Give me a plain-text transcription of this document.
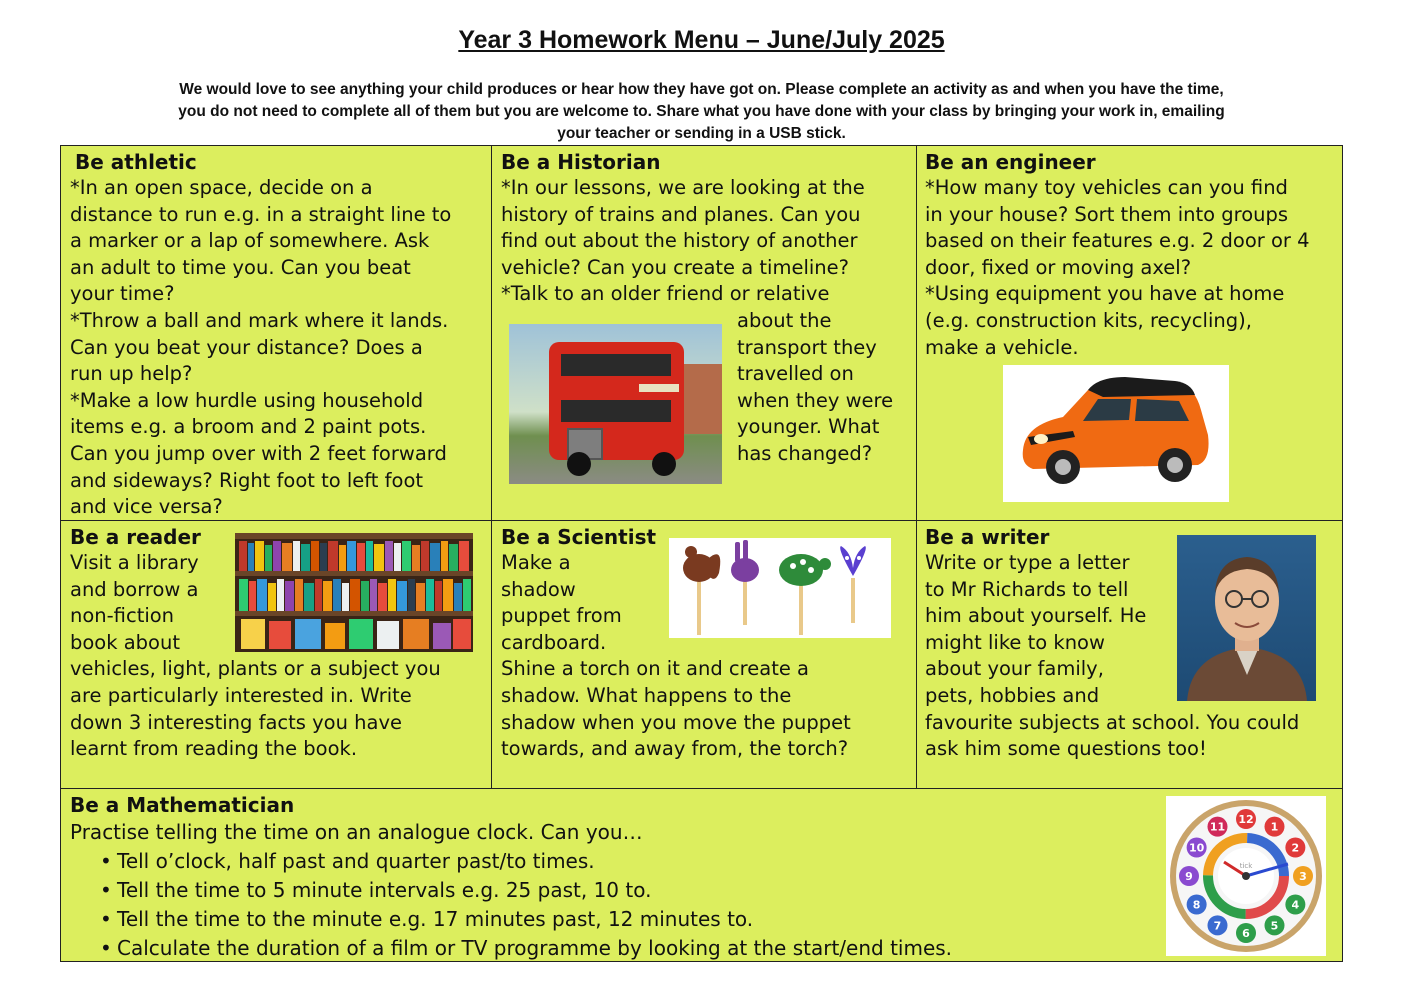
Year 3 Homework Menu – June/July 2025
We would love to see anything your child produces or hear how they have got on. Please complete an activity as and when you have the time,
you do not need to complete all of them but you are welcome to. Share what you have done with your class by bringing your work in, emailing
your teacher or sending in a USB stick.
Be athletic
*In an open space, decide on a
distance to run e.g. in a straight line to
a marker or a lap of somewhere. Ask
an adult to time you. Can you beat
your time?
*Throw a ball and mark where it lands.
Can you beat your distance? Does a
run up help?
*Make a low hurdle using household
items e.g. a broom and 2 paint pots.
Can you jump over with 2 feet forward
and sideways? Right foot to left foot
and vice versa?
Be a Historian
*In our lessons, we are looking at the
history of trains and planes. Can you
find out about the history of another
vehicle? Can you create a timeline?
*Talk to an older friend or relative
about the
transport they
travelled on
when they were
younger. What
has changed?
Be an engineer
*How many toy vehicles can you find
in your house? Sort them into groups
based on their features e.g. 2 door or 4
door, fixed or moving axel?
*Using equipment you have at home
(e.g. construction kits, recycling),
make a vehicle.
Be a reader
Visit a library
and borrow a
non-fiction
book about
vehicles, light, plants or a subject you
are particularly interested in. Write
down 3 interesting facts you have
learnt from reading the book.
Be a Scientist
Make a
shadow
puppet from
cardboard.
Shine a torch on it and create a
shadow. What happens to the
shadow when you move the puppet
towards, and away from, the torch?
Be a writer
Write or type a letter
to Mr Richards to tell
him about yourself. He
might like to know
about your family,
pets, hobbies and
favourite subjects at school. You could
ask him some questions too!
Be a Mathematician
Practise telling the time on an analogue clock. Can you…
• Tell o’clock, half past and quarter past/to times.
• Tell the time to 5 minute intervals e.g. 25 past, 10 to.
• Tell the time to the minute e.g. 17 minutes past, 12 minutes to.
• Calculate the duration of a film or TV programme by looking at the start/end times.
12
1
2
3
4
5
6
7
8
9
10
11
tick
